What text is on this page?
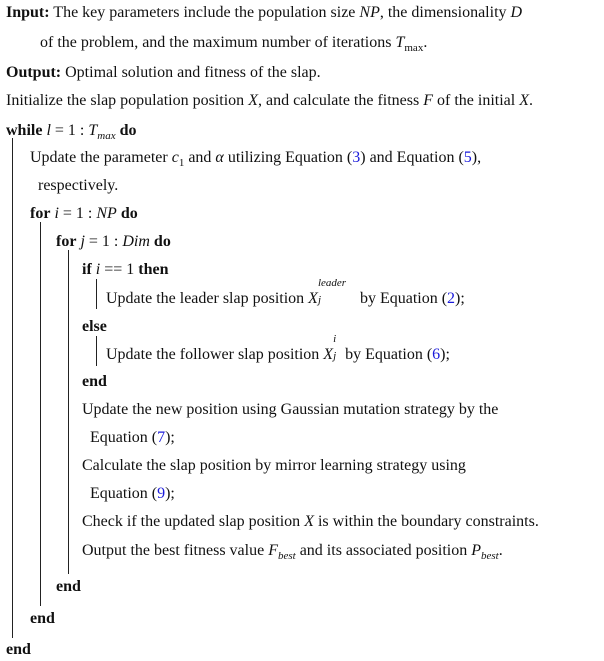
Input: The key parameters include the population size NP, the dimensionality D
of the problem, and the maximum number of iterations $T_{max}$.
Output: Optimal solution and fitness of the slap.
Initialize the slap population position X, and calculate the fitness F of the initial X.
while l = 1 : $T_{max}$ do
Update the parameter $c_1$ and α utilizing Equation (3) and Equation (5),
respectively.
for i = 1 : NP do
for j = 1 : Dim do
if i == 1 then
Update the leader slap position X
leader
j by Equation (2);
else
Update the follower slap position X
i
j by Equation (6);
end
Update the new position using Gaussian mutation strategy by the
Equation (7);
Calculate the slap position by mirror learning strategy using
Equation (9);
Check if the updated slap position X is within the boundary constraints.
Output the best fitness value $F_{best}$ and its associated position $P_{best}$.
end
end
end
